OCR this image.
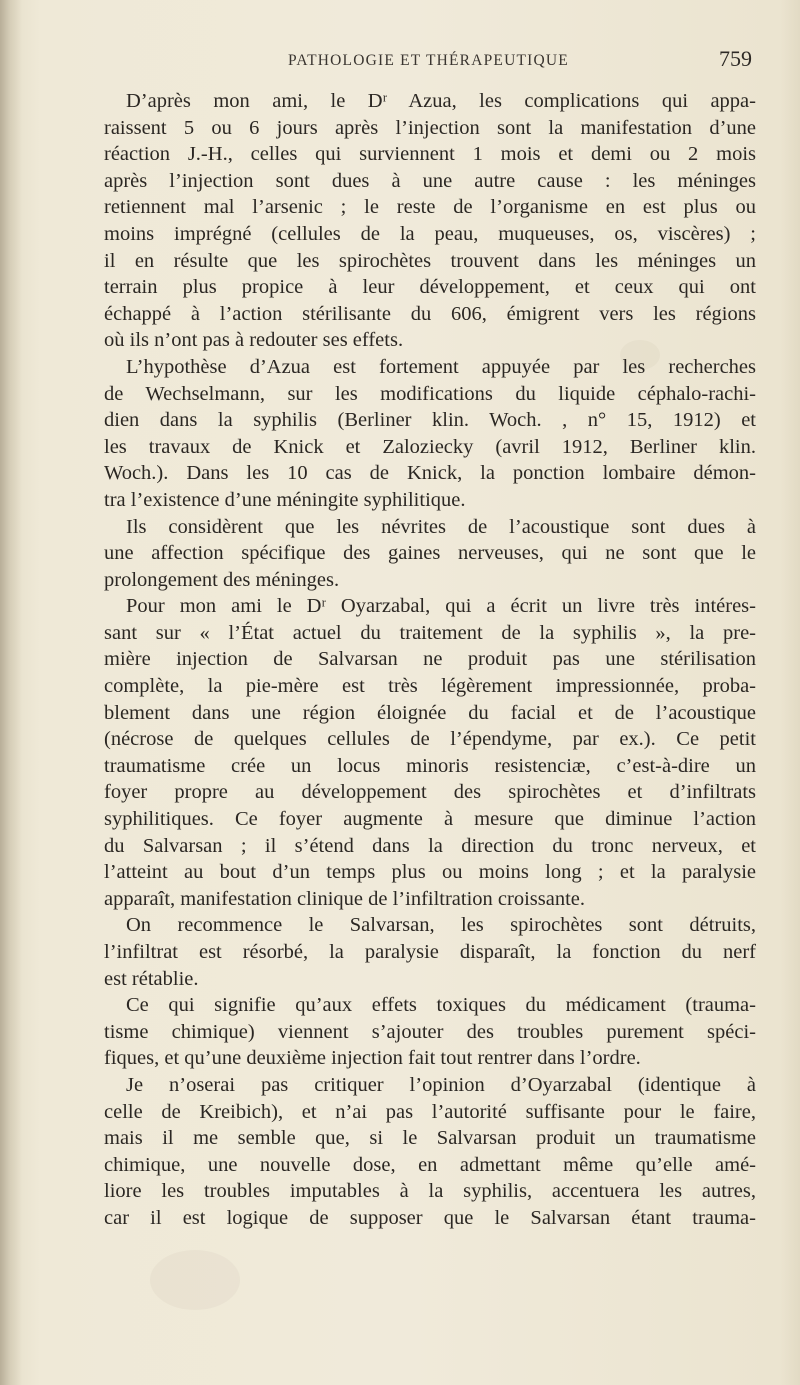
PATHOLOGIE ET THÉRAPEUTIQUE	759
D’après mon ami, le Dʳ Azua, les complications qui appa-
raissent 5 ou 6 jours après l’injection sont la manifestation d’une
réaction J.-H., celles qui surviennent 1 mois et demi ou 2 mois
après l’injection sont dues à une autre cause : les méninges
retiennent mal l’arsenic ; le reste de l’organisme en est plus ou
moins imprégné (cellules de la peau, muqueuses, os, viscères) ;
il en résulte que les spirochètes trouvent dans les méninges un
terrain plus propice à leur développement, et ceux qui ont
échappé à l’action stérilisante du 606, émigrent vers les régions
où ils n’ont pas à redouter ses effets.
L’hypothèse d’Azua est fortement appuyée par les recherches
de Wechselmann, sur les modifications du liquide céphalo-rachi-
dien dans la syphilis (Berliner klin. Woch. , n° 15, 1912) et
les travaux de Knick et Zaloziecky (avril 1912, Berliner klin.
Woch.). Dans les 10 cas de Knick, la ponction lombaire démon-
tra l’existence d’une méningite syphilitique.
Ils considèrent que les névrites de l’acoustique sont dues à
une affection spécifique des gaines nerveuses, qui ne sont que le
prolongement des méninges.
Pour mon ami le Dʳ Oyarzabal, qui a écrit un livre très intéres-
sant sur « l’État actuel du traitement de la syphilis », la pre-
mière injection de Salvarsan ne produit pas une stérilisation
complète, la pie-mère est très légèrement impressionnée, proba-
blement dans une région éloignée du facial et de l’acoustique
(nécrose de quelques cellules de l’épendyme, par ex.). Ce petit
traumatisme crée un locus minoris resistenciæ, c’est-à-dire un
foyer propre au développement des spirochètes et d’infiltrats
syphilitiques. Ce foyer augmente à mesure que diminue l’action
du Salvarsan ; il s’étend dans la direction du tronc nerveux, et
l’atteint au bout d’un temps plus ou moins long ; et la paralysie
apparaît, manifestation clinique de l’infiltration croissante.
On recommence le Salvarsan, les spirochètes sont détruits,
l’infiltrat est résorbé, la paralysie disparaît, la fonction du nerf
est rétablie.
Ce qui signifie qu’aux effets toxiques du médicament (trauma-
tisme chimique) viennent s’ajouter des troubles purement spéci-
fiques, et qu’une deuxième injection fait tout rentrer dans l’ordre.
Je n’oserai pas critiquer l’opinion d’Oyarzabal (identique à
celle de Kreibich), et n’ai pas l’autorité suffisante pour le faire,
mais il me semble que, si le Salvarsan produit un traumatisme
chimique, une nouvelle dose, en admettant même qu’elle amé-
liore les troubles imputables à la syphilis, accentuera les autres,
car il est logique de supposer que le Salvarsan étant trauma-
